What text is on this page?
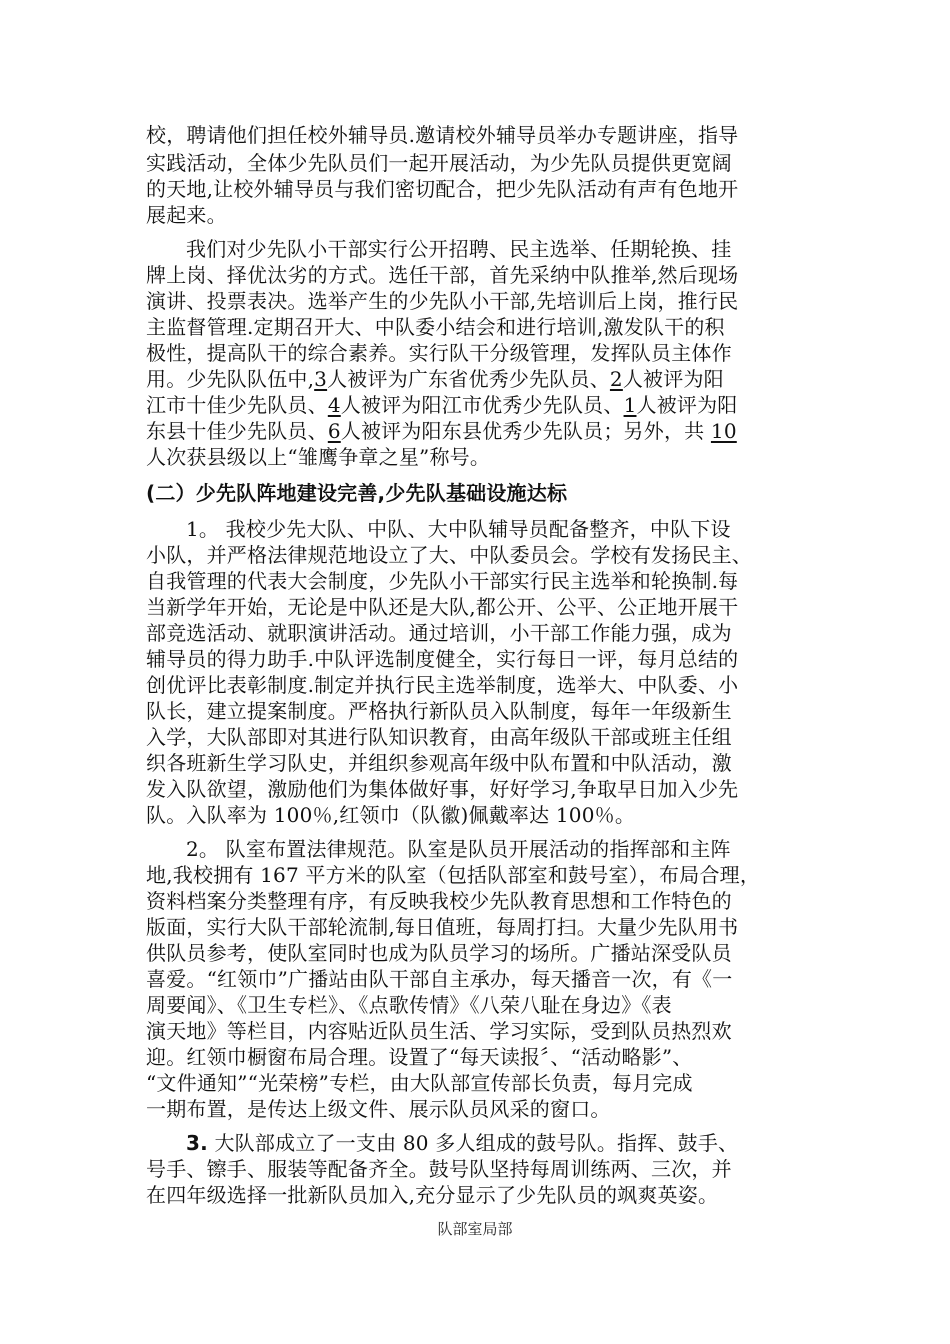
校，聘请他们担任校外辅导员.邀请校外辅导员举办专题讲座，指导
实践活动，全体少先队员们一起开展活动，为少先队员提供更宽阔
的天地,让校外辅导员与我们密切配合，把少先队活动有声有色地开
展起来。
我们对少先队小干部实行公开招聘、民主选举、任期轮换、挂
牌上岗、择优汰劣的方式。选任干部，首先采纳中队推举,然后现场
演讲、投票表决。选举产生的少先队小干部,先培训后上岗，推行民
主监督管理.定期召开大、中队委小结会和进行培训,激发队干的积
极性，提高队干的综合素养。实行队干分级管理，发挥队员主体作
用。少先队队伍中,3人被评为广东省优秀少先队员、2人被评为阳
江市十佳少先队员、4人被评为阳江市优秀少先队员、1人被评为阳
东县十佳少先队员、6人被评为阳东县优秀少先队员；另外，共 10
人次获县级以上“雏鹰争章之星”称号。
(二）少先队阵地建设完善,少先队基础设施达标
1。 我校少先大队、中队、大中队辅导员配备整齐，中队下设
小队，并严格法律规范地设立了大、中队委员会。学校有发扬民主、
自我管理的代表大会制度，少先队小干部实行民主选举和轮换制.每
当新学年开始，无论是中队还是大队,都公开、公平、公正地开展干
部竞选活动、就职演讲活动。通过培训，小干部工作能力强，成为
辅导员的得力助手.中队评选制度健全，实行每日一评，每月总结的
创优评比表彰制度.制定并执行民主选举制度，选举大、中队委、小
队长，建立提案制度。严格执行新队员入队制度，每年一年级新生
入学，大队部即对其进行队知识教育，由高年级队干部或班主任组
织各班新生学习队史，并组织参观高年级中队布置和中队活动，激
发入队欲望，激励他们为集体做好事，好好学习,争取早日加入少先
队。入队率为 100％,红领巾（队徽)佩戴率达 100％。
2。 队室布置法律规范。队室是队员开展活动的指挥部和主阵
地,我校拥有 167 平方米的队室（包括队部室和鼓号室），布局合理，
资料档案分类整理有序，有反映我校少先队教育思想和工作特色的
版面，实行大队干部轮流制,每日值班，每周打扫。大量少先队用书
供队员参考，使队室同时也成为队员学习的场所。广播站深受队员
喜爱。“红领巾”广播站由队干部自主承办，每天播音一次，有《一
周要闻》、《卫生专栏》、《点歌传情》《八荣八耻在身边》《表
演天地》等栏目，内容贴近队员生活、学习实际，受到队员热烈欢
迎。红领巾橱窗布局合理。设置了“每天读报〞、“活动略影”、
“文件通知”“光荣榜”专栏，由大队部宣传部长负责，每月完成
一期布置，是传达上级文件、展示队员风采的窗口。
3. 大队部成立了一支由 80 多人组成的鼓号队。指挥、鼓手、
号手、镲手、服装等配备齐全。鼓号队坚持每周训练两、三次，并
在四年级选择一批新队员加入,充分显示了少先队员的飒爽英姿。
队部室局部
